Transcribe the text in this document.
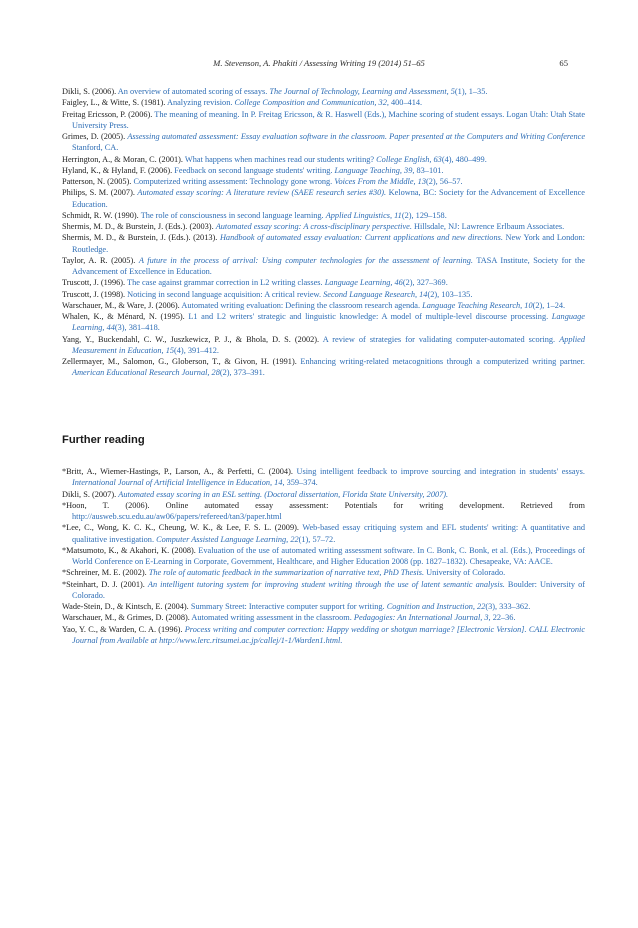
M. Stevenson, A. Phakiti / Assessing Writing 19 (2014) 51–65	65

Dikli, S. (2006). An overview of automated scoring of essays. The Journal of Technology, Learning and Assessment, 5(1), 1–35.

Faigley, L., & Witte, S. (1981). Analyzing revision. College Composition and Communication, 32, 400–414.

Freitag Ericsson, P. (2006). The meaning of meaning. In P. Freitag Ericsson, & R. Haswell (Eds.), Machine scoring of student essays. Logan Utah: Utah State University Press.

Grimes, D. (2005). Assessing automated assessment: Essay evaluation software in the classroom. Paper presented at the Computers and Writing Conference Stanford, CA.

Herrington, A., & Moran, C. (2001). What happens when machines read our students writing? College English, 63(4), 480–499.

Hyland, K., & Hyland, F. (2006). Feedback on second language students' writing. Language Teaching, 39, 83–101.

Patterson, N. (2005). Computerized writing assessment: Technology gone wrong. Voices From the Middle, 13(2), 56–57.

Philips, S. M. (2007). Automated essay scoring: A literature review (SAEE research series #30). Kelowna, BC: Society for the Advancement of Excellence Education.

Schmidt, R. W. (1990). The role of consciousness in second language learning. Applied Linguistics, 11(2), 129–158.

Shermis, M. D., & Burstein, J. (Eds.). (2003). Automated essay scoring: A cross-disciplinary perspective. Hillsdale, NJ: Lawrence Erlbaum Associates.

Shermis, M. D., & Burstein, J. (Eds.). (2013). Handbook of automated essay evaluation: Current applications and new directions. New York and London: Routledge.

Taylor, A. R. (2005). A future in the process of arrival: Using computer technologies for the assessment of learning. TASA Institute, Society for the Advancement of Excellence in Education.

Truscott, J. (1996). The case against grammar correction in L2 writing classes. Language Learning, 46(2), 327–369.

Truscott, J. (1998). Noticing in second language acquisition: A critical review. Second Language Research, 14(2), 103–135.

Warschauer, M., & Ware, J. (2006). Automated writing evaluation: Defining the classroom research agenda. Language Teaching Research, 10(2), 1–24.

Whalen, K., & Ménard, N. (1995). L1 and L2 writers' strategic and linguistic knowledge: A model of multiple-level discourse processing. Language Learning, 44(3), 381–418.

Yang, Y., Buckendahl, C. W., Juszkewicz, P. J., & Bhola, D. S. (2002). A review of strategies for validating computer-automated scoring. Applied Measurement in Education, 15(4), 391–412.

Zellermayer, M., Salomon, G., Globerson, T., & Givon, H. (1991). Enhancing writing-related metacognitions through a computerized writing partner. American Educational Research Journal, 28(2), 373–391.

Further reading

*Britt, A., Wiemer-Hastings, P., Larson, A., & Perfetti, C. (2004). Using intelligent feedback to improve sourcing and integration in students' essays. International Journal of Artificial Intelligence in Education, 14, 359–374.

Dikli, S. (2007). Automated essay scoring in an ESL setting. (Doctoral dissertation, Florida State University, 2007).

*Hoon, T. (2006). Online automated essay assessment: Potentials for writing development. Retrieved from http://ausweb.scu.edu.au/aw06/papers/refereed/tan3/paper.html

*Lee, C., Wong, K. C. K., Cheung, W. K., & Lee, F. S. L. (2009). Web-based essay critiquing system and EFL students' writing: A quantitative and qualitative investigation. Computer Assisted Language Learning, 22(1), 57–72.

*Matsumoto, K., & Akahori, K. (2008). Evaluation of the use of automated writing assessment software. In C. Bonk, C. Bonk, et al. (Eds.), Proceedings of World Conference on E-Learning in Corporate, Government, Healthcare, and Higher Education 2008 (pp. 1827–1832). Chesapeake, VA: AACE.

*Schreiner, M. E. (2002). The role of automatic feedback in the summarization of narrative text, PhD Thesis. University of Colorado.

*Steinhart, D. J. (2001). An intelligent tutoring system for improving student writing through the use of latent semantic analysis. Boulder: University of Colorado.

Wade-Stein, D., & Kintsch, E. (2004). Summary Street: Interactive computer support for writing. Cognition and Instruction, 22(3), 333–362.

Warschauer, M., & Grimes, D. (2008). Automated writing assessment in the classroom. Pedagogies: An International Journal, 3, 22–36.

Yao, Y. C., & Warden, C. A. (1996). Process writing and computer correction: Happy wedding or shotgun marriage? [Electronic Version]. CALL Electronic Journal from Available at http://www.lerc.ritsumei.ac.jp/callej/1-1/Warden1.html.
